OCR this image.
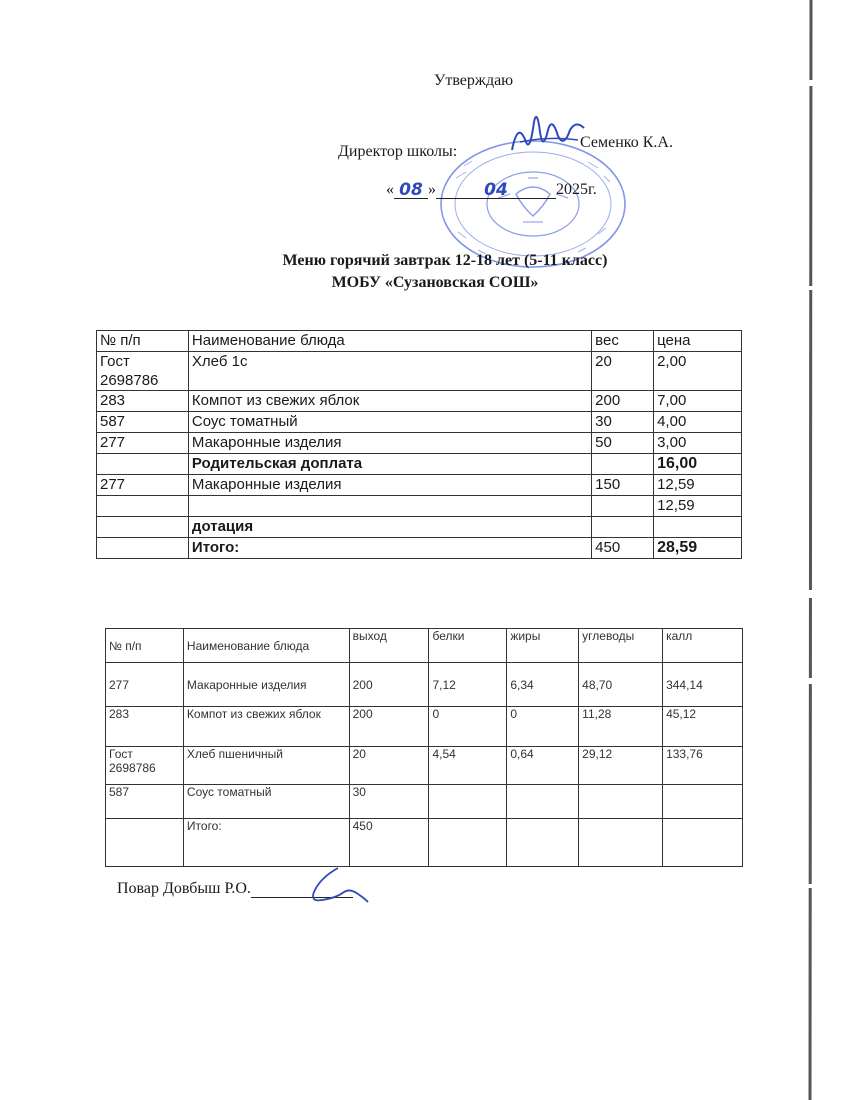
Утверждаю
Директор школы:
Семенко К.А.
« 08 »	04	2025г.
Меню горячий завтрак 12-18 лет (5-11 класс)
МОБУ «Сузановская СОШ»
№ п/п	Наименование блюда	вес	цена
Гост 2698786	Хлеб 1с	20	2,00
283	Компот из свежих яблок	200	7,00
587	Соус томатный	30	4,00
277	Макаронные изделия	50	3,00
	Родительская доплата		16,00
277	Макаронные изделия	150	12,59
			12,59
	дотация		
	Итого:	450	28,59
№ п/п	Наименование блюда	выход	белки	жиры	углеводы	калл
277	Макаронные изделия	200	7,12	6,34	48,70	344,14
283	Компот из свежих яблок	200	0	0	11,28	45,12
Гост 2698786	Хлеб пшеничный	20	4,54	0,64	29,12	133,76
587	Соус томатный	30				
	Итого:	450				
Повар Довбыш Р.О.
